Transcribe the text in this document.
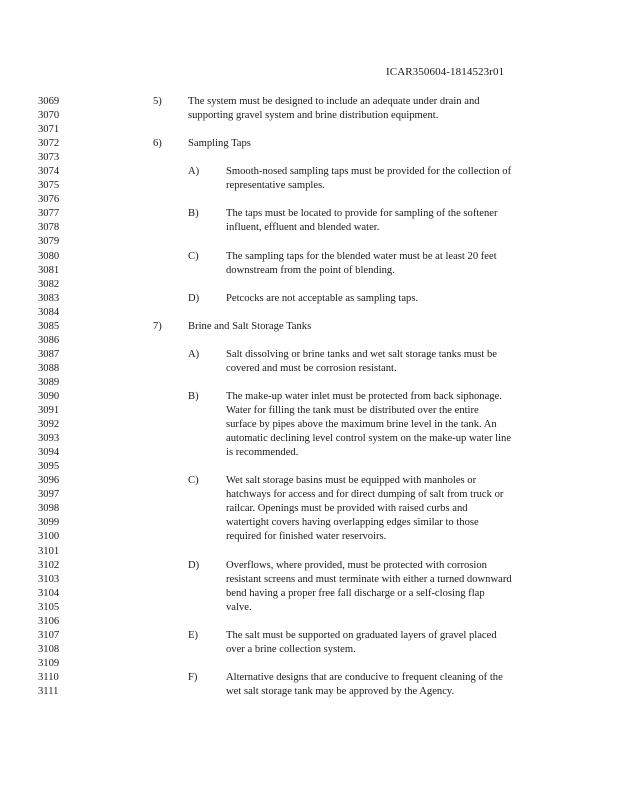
ICAR350604-1814523r01
3069	5) The system must be designed to include an adequate under drain and
3070	supporting gravel system and brine distribution equipment.
3071
3072	6) Sampling Taps
3073
3074	A)	Smooth-nosed sampling taps must be provided for the collection of
3075	representative samples.
3076
3077	B)	The taps must be located to provide for sampling of the softener
3078	influent, effluent and blended water.
3079
3080	C)	The sampling taps for the blended water must be at least 20 feet
3081	downstream from the point of blending.
3082
3083	D)	Petcocks are not acceptable as sampling taps.
3084
3085	7) Brine and Salt Storage Tanks
3086
3087	A)	Salt dissolving or brine tanks and wet salt storage tanks must be
3088	covered and must be corrosion resistant.
3089
3090	B)	The make-up water inlet must be protected from back siphonage.
3091	Water for filling the tank must be distributed over the entire
3092	surface by pipes above the maximum brine level in the tank. An
3093	automatic declining level control system on the make-up water line
3094	is recommended.
3095
3096	C)	Wet salt storage basins must be equipped with manholes or
3097	hatchways for access and for direct dumping of salt from truck or
3098	railcar. Openings must be provided with raised curbs and
3099	watertight covers having overlapping edges similar to those
3100	required for finished water reservoirs.
3101
3102	D)	Overflows, where provided, must be protected with corrosion
3103	resistant screens and must terminate with either a turned downward
3104	bend having a proper free fall discharge or a self-closing flap
3105	valve.
3106
3107	E)	The salt must be supported on graduated layers of gravel placed
3108	over a brine collection system.
3109
3110	F)	Alternative designs that are conducive to frequent cleaning of the
3111	wet salt storage tank may be approved by the Agency.
